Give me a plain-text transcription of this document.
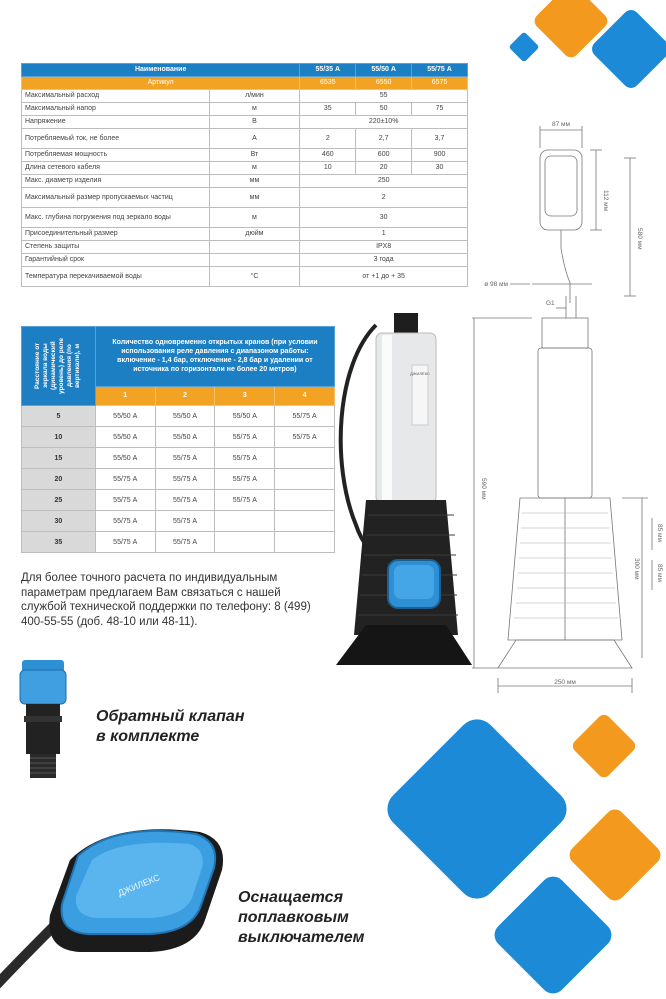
Наименование		55/35 А	55/50 А	55/75 А
Артикул		6535	6550	6575
Максимальный расход	л/мин	55		
Максимальный напор	м	35	50	75
Напряжение	В	220±10%		
Потребляемый ток, не более	А	2	2,7	3,7
Потребляемая мощность	Вт	460	600	900
Длина сетевого кабеля	м	10	20	30
Макс. диаметр изделия	мм	250		
Максимальный размер пропускаемых частиц	мм	2		
Макс. глубина погружения под зеркало воды	м	30		
Присоединительный размер	дюйм	1		
Степень защиты		IPX8		
Гарантийный срок		3 года		
Температура перекачиваемой воды	°С	от +1 до + 35		
Расстояние от зеркала воды (динамический уровень) до реле давления (по вертикали), м	Количество одновременно открытых кранов (при условии использования реле давления с диапазоном работы: включение - 1,4 бар, отключение - 2,8 бар и удалении от источника по горизонтали не более 20 метров)			
	1	2	3	4
5	55/50 А	55/50 А	55/50 А	55/75 А
10	55/50 А	55/50 А	55/75 А	55/75 А
15	55/50 А	55/75 А	55/75 А	
20	55/75 А	55/75 А	55/75 А	
25	55/75 А	55/75 А	55/75 А	
30	55/75 А	55/75 А		
35	55/75 А	55/75 А		
ДЖИЛЕКС
87 мм
112 мм
580 мм
ø 98 мм
G1
590 мм
300 мм
85 мм
85 мм
250 мм
Для более точного расчета по индивидуальным параметрам предлагаем Вам связаться с нашей службой технической поддержки по телефону: 8 (499) 400-55-55 (доб. 48-10 или 48-11).
Обратный клапан
в комплекте
ДЖИЛЕКС	Оснащается
поплавковым
выключателем
